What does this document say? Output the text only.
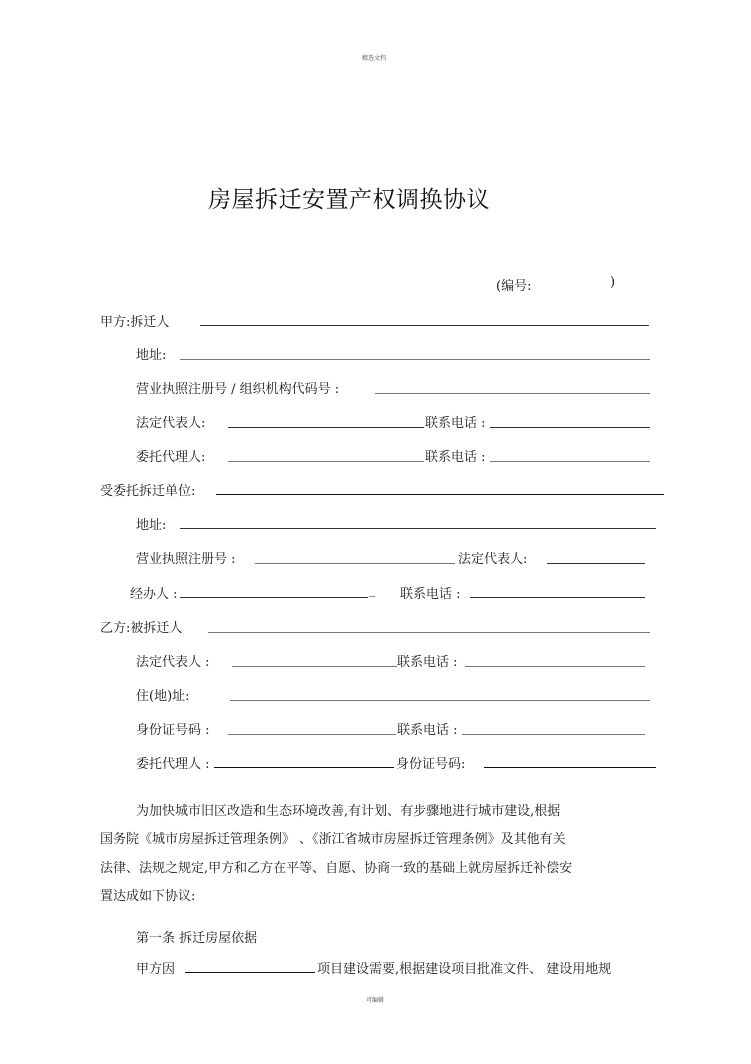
精选文档
可编辑
房屋拆迁安置产权调换协议
(编号:	)
甲方:拆迁人
地址:
营业执照注册号 / 组织机构代码号 :
法定代表人:	联系电话 :
委托代理人:	联系电话 :
受委托拆迁单位:
地址:
营业执照注册号 :	法定代表人:
经办人 :	_ 联系电话 :
乙方:被拆迁人
法定代表人 :	联系电话 :
住(地)址:
身份证号码 :	联系电话 :
委托代理人 :	身份证号码:
为加快城市旧区改造和生态环境改善,有计划、有步骤地进行城市建设,根据
国务院《城市房屋拆迁管理条例》 、《浙江省城市房屋拆迁管理条例》及其他有关
法律、法规之规定,甲方和乙方在平等、自愿、协商一致的基础上就房屋拆迁补偿安
置达成如下协议:
第一条 拆迁房屋依据
甲方因	项目建设需要,根据建设项目批准文件、 建设用地规
